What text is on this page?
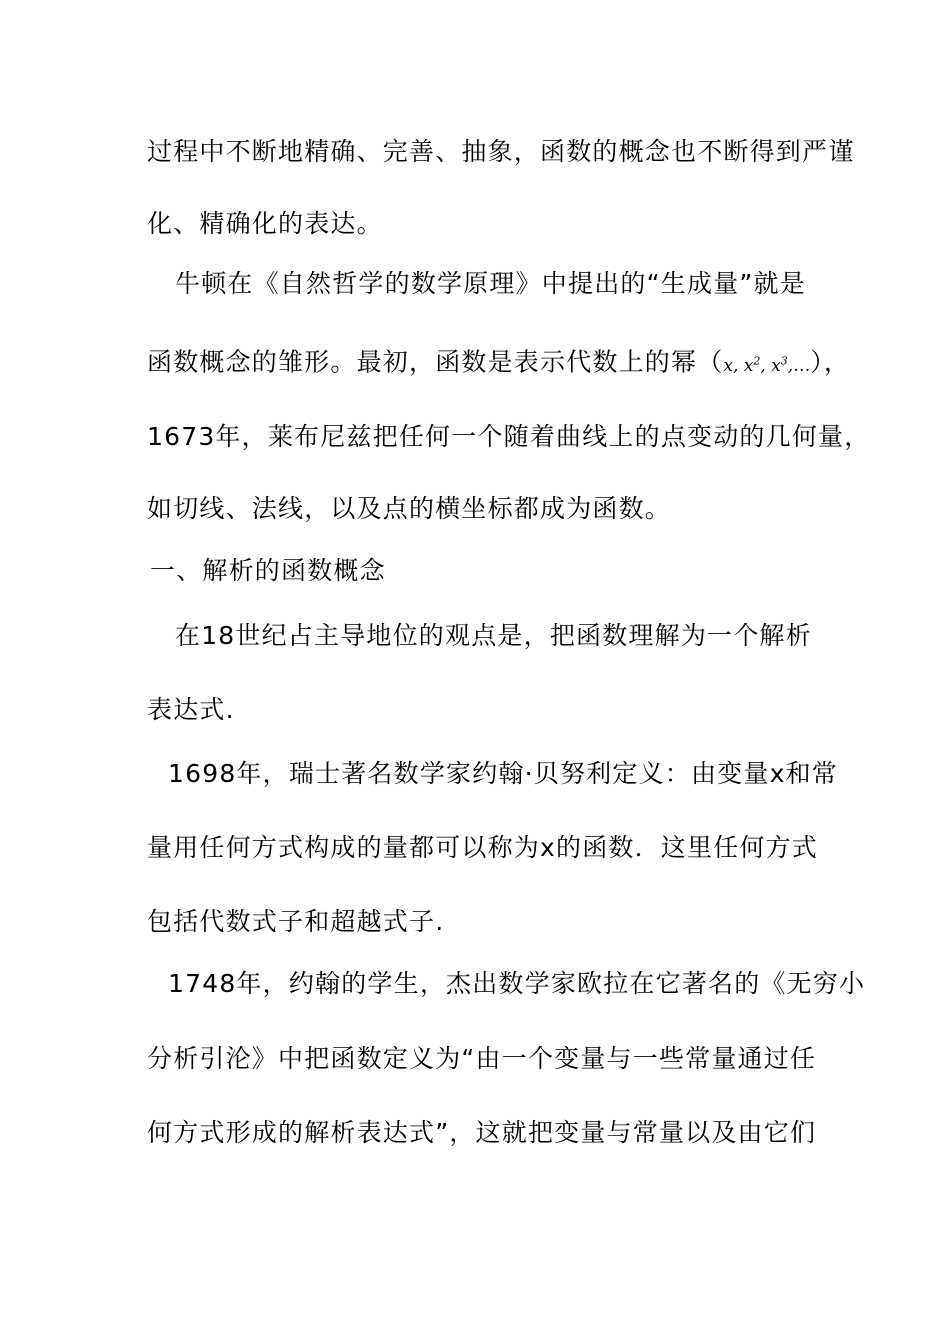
过程中不断地精确、完善、抽象，函数的概念也不断得到严谨
化、精确化的表达。
牛顿在《自然哲学的数学原理》中提出的“生成量”就是
函数概念的雏形。最初，函数是表示代数上的幂（x, $x^2$, $x^3,\dots$），
1673年，莱布尼兹把任何一个随着曲线上的点变动的几何量，
如切线、法线，以及点的横坐标都成为函数。
一、解析的函数概念
在18世纪占主导地位的观点是，把函数理解为一个解析
表达式.
1698年，瑞士著名数学家约翰·贝努利定义：由变量x和常
量用任何方式构成的量都可以称为x的函数．这里任何方式
包括代数式子和超越式子.
1748年，约翰的学生，杰出数学家欧拉在它著名的《无穷小
分析引沦》中把函数定义为“由一个变量与一些常量通过任
何方式形成的解析表达式”，这就把变量与常量以及由它们
